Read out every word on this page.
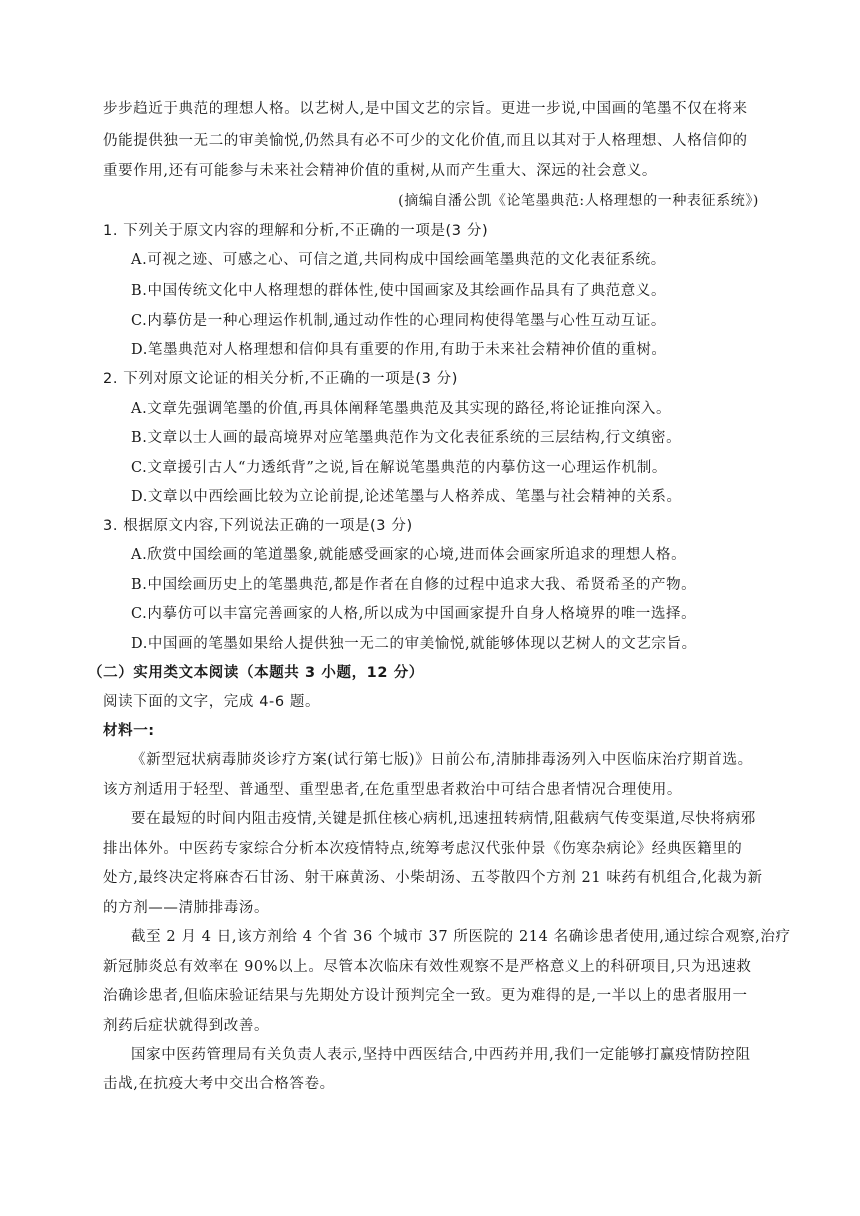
步步趋近于典范的理想人格。以艺树人,是中国文艺的宗旨。更进一步说,中国画的笔墨不仅在将来
仍能提供独一无二的审美愉悦,仍然具有必不可少的文化价值,而且以其对于人格理想、人格信仰的
重要作用,还有可能参与未来社会精神价值的重树,从而产生重大、深远的社会意义。
(摘编自潘公凯《论笔墨典范:人格理想的一种表征系统》)
1. 下列关于原文内容的理解和分析,不正确的一项是(3 分)
A.可视之迹、可感之心、可信之道,共同构成中国绘画笔墨典范的文化表征系统。
B.中国传统文化中人格理想的群体性,使中国画家及其绘画作品具有了典范意义。
C.内摹仿是一种心理运作机制,通过动作性的心理同构使得笔墨与心性互动互证。
D.笔墨典范对人格理想和信仰具有重要的作用,有助于未来社会精神价值的重树。
2. 下列对原文论证的相关分析,不正确的一项是(3 分)
A.文章先强调笔墨的价值,再具体阐释笔墨典范及其实现的路径,将论证推向深入。
B.文章以士人画的最高境界对应笔墨典范作为文化表征系统的三层结构,行文缜密。
C.文章援引古人“力透纸背”之说,旨在解说笔墨典范的内摹仿这一心理运作机制。
D.文章以中西绘画比较为立论前提,论述笔墨与人格养成、笔墨与社会精神的关系。
3. 根据原文内容,下列说法正确的一项是(3 分)
A.欣赏中国绘画的笔道墨象,就能感受画家的心境,进而体会画家所追求的理想人格。
B.中国绘画历史上的笔墨典范,都是作者在自修的过程中追求大我、希贤希圣的产物。
C.内摹仿可以丰富完善画家的人格,所以成为中国画家提升自身人格境界的唯一选择。
D.中国画的笔墨如果给人提供独一无二的审美愉悦,就能够体现以艺树人的文艺宗旨。
（二）实用类文本阅读（本题共 3 小题，12 分）
阅读下面的文字，完成 4-6 题。
材料一:
《新型冠状病毒肺炎诊疗方案(试行第七版)》日前公布,清肺排毒汤列入中医临床治疗期首选。
该方剂适用于轻型、普通型、重型患者,在危重型患者救治中可结合患者情况合理使用。
要在最短的时间内阻击疫情,关键是抓住核心病机,迅速扭转病情,阻截病气传变渠道,尽快将病邪
排出体外。中医药专家综合分析本次疫情特点,统筹考虑汉代张仲景《伤寒杂病论》经典医籍里的
处方,最终决定将麻杏石甘汤、射干麻黄汤、小柴胡汤、五苓散四个方剂 21 味药有机组合,化裁为新
的方剂——清肺排毒汤。
截至 2 月 4 日,该方剂给 4 个省 36 个城市 37 所医院的 214 名确诊患者使用,通过综合观察,治疗
新冠肺炎总有效率在 90%以上。尽管本次临床有效性观察不是严格意义上的科研项目,只为迅速救
治确诊患者,但临床验证结果与先期处方设计预判完全一致。更为难得的是,一半以上的患者服用一
剂药后症状就得到改善。
国家中医药管理局有关负责人表示,坚持中西医结合,中西药并用,我们一定能够打赢疫情防控阻
击战,在抗疫大考中交出合格答卷。
